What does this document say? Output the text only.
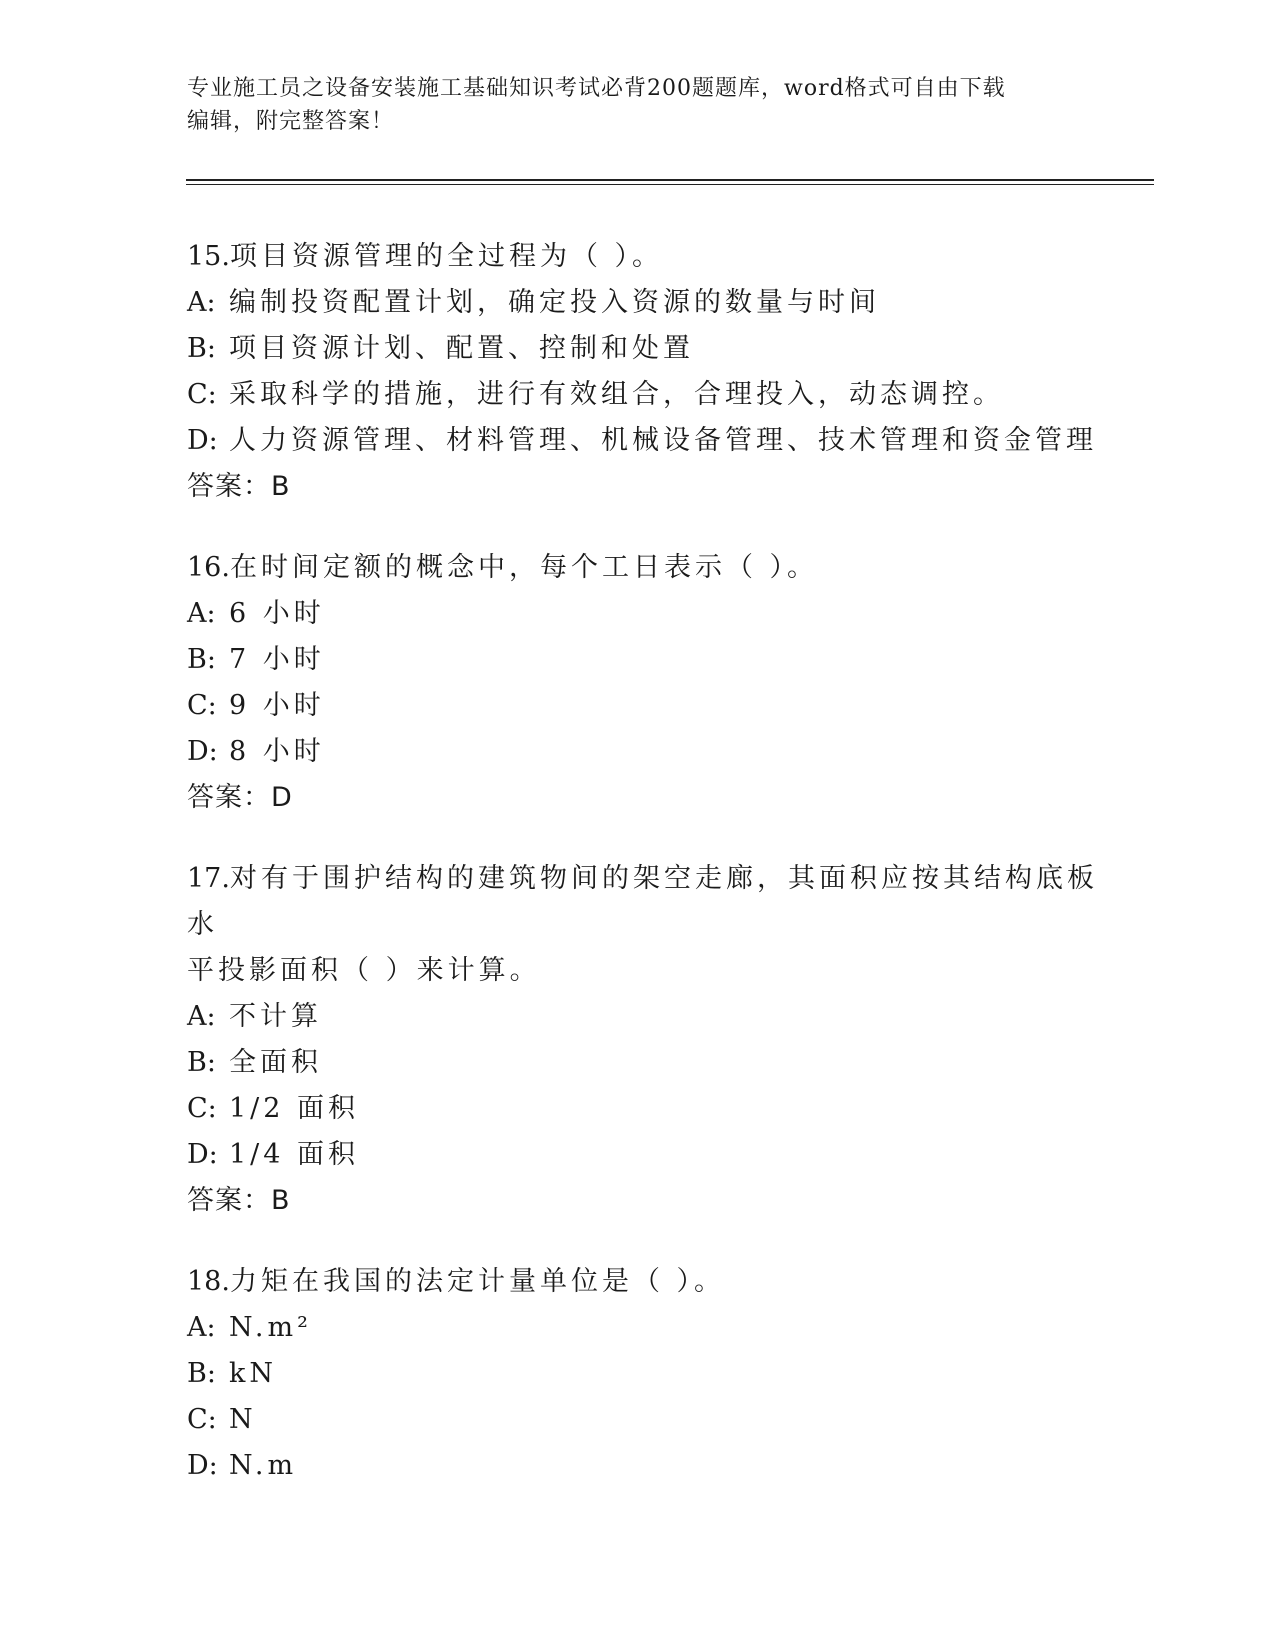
专业施工员之设备安装施工基础知识考试必背200题题库，word格式可自由下载
编辑，附完整答案！
15.项目资源管理的全过程为（ ）。
A: 编制投资配置计划，确定投入资源的数量与时间
B: 项目资源计划、配置、控制和处置
C: 采取科学的措施，进行有效组合，合理投入，动态调控。
D: 人力资源管理、材料管理、机械设备管理、技术管理和资金管理
答案：B
16.在时间定额的概念中，每个工日表示（ ）。
A: 6 小时
B: 7 小时
C: 9 小时
D: 8 小时
答案：D
17.对有于围护结构的建筑物间的架空走廊，其面积应按其结构底板水
平投影面积（ ）来计算。
A: 不计算
B: 全面积
C: 1/2 面积
D: 1/4 面积
答案：B
18.力矩在我国的法定计量单位是（ ）。
A: N.m²
B: kN
C: N
D: N.m
